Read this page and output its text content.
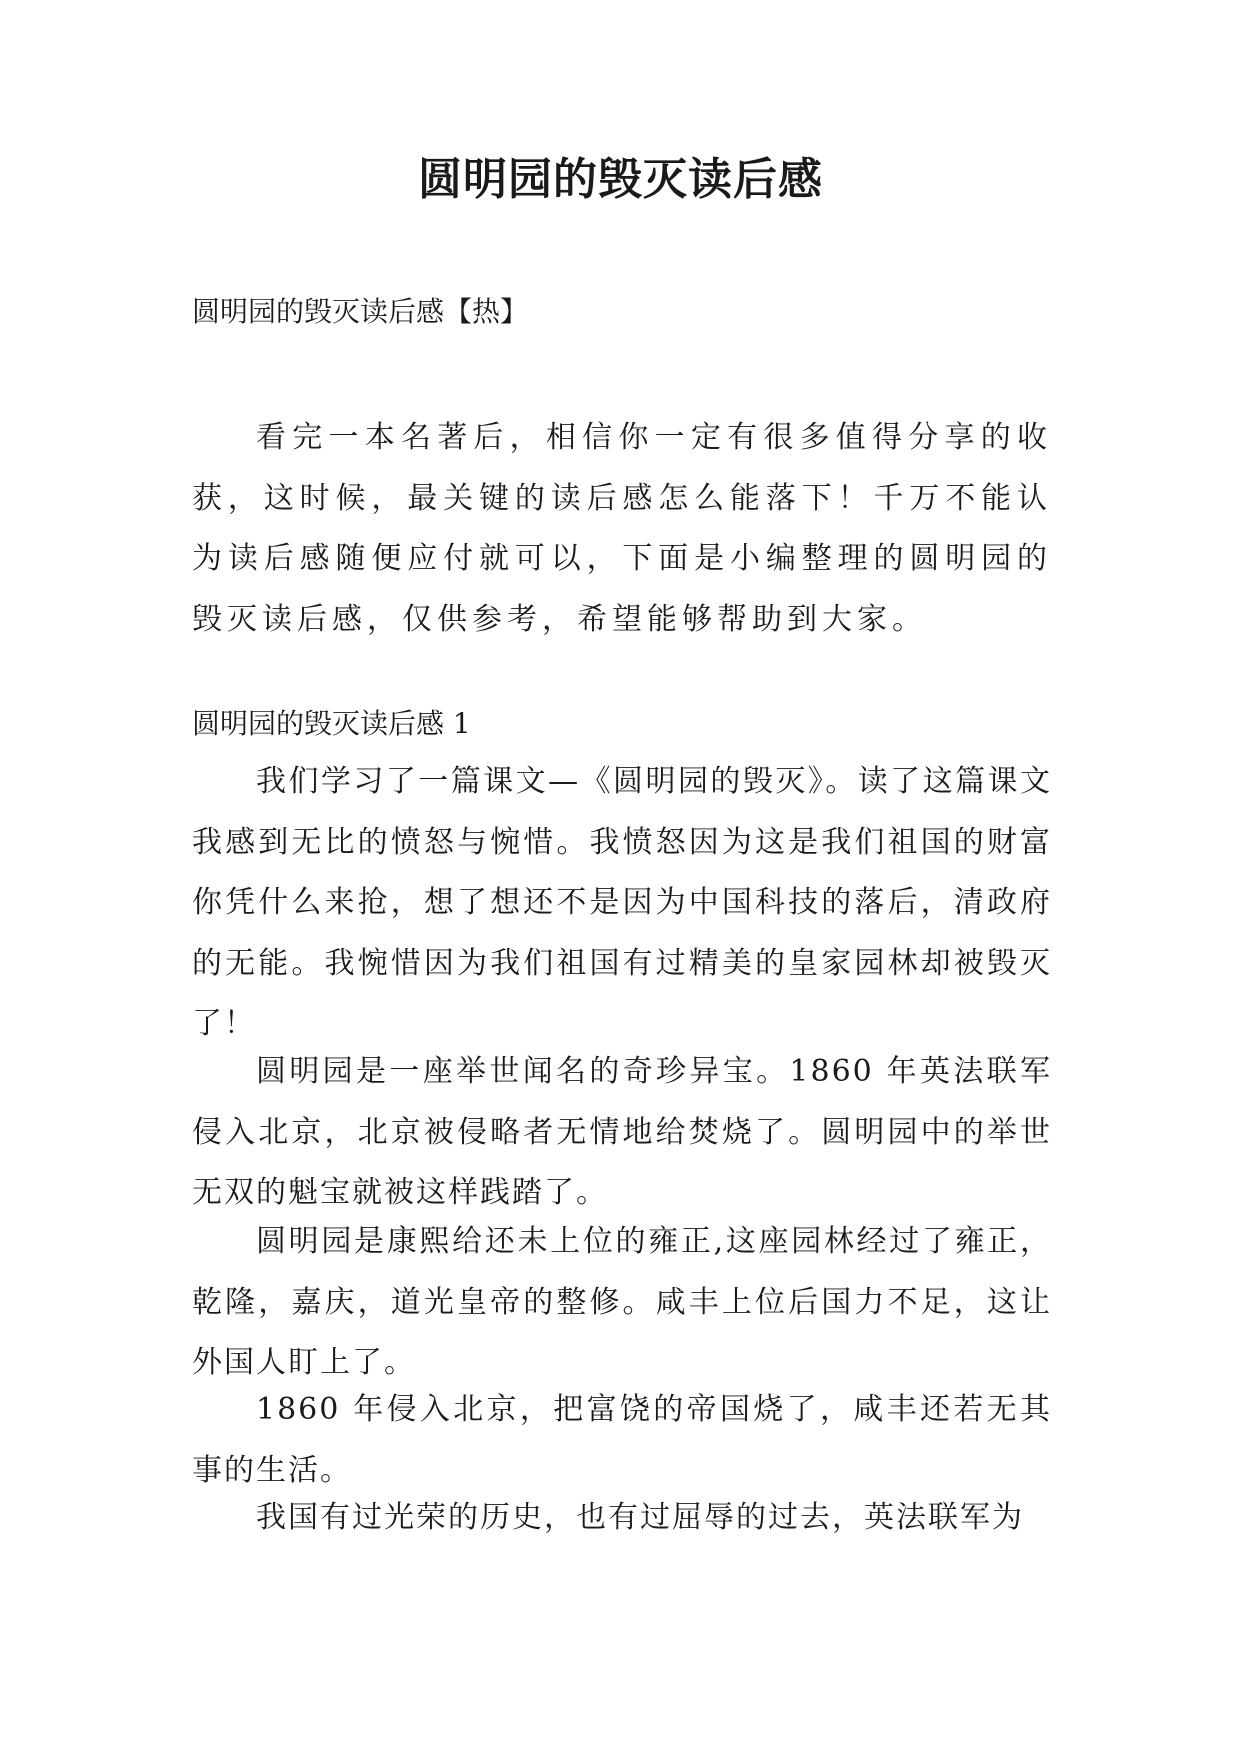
圆明园的毁灭读后感
圆明园的毁灭读后感【热】

看完一本名著后，相信你一定有很多值得分享的收获，这时候，最关键的读后感怎么能落下！千万不能认为读后感随便应付就可以，下面是小编整理的圆明园的毁灭读后感，仅供参考，希望能够帮助到大家。

圆明园的毁灭读后感 1

我们学习了一篇课文—《圆明园的毁灭》。读了这篇课文我感到无比的愤怒与惋惜。我愤怒因为这是我们祖国的财富你凭什么来抢，想了想还不是因为中国科技的落后，清政府的无能。我惋惜因为我们祖国有过精美的皇家园林却被毁灭了！

圆明园是一座举世闻名的奇珍异宝。1860 年英法联军侵入北京，北京被侵略者无情地给焚烧了。圆明园中的举世无双的魁宝就被这样践踏了。

圆明园是康熙给还未上位的雍正,这座园林经过了雍正，乾隆，嘉庆，道光皇帝的整修。咸丰上位后国力不足，这让外国人盯上了。

1860 年侵入北京，把富饶的帝国烧了，咸丰还若无其事的生活。

我国有过光荣的历史，也有过屈辱的过去，英法联军为
